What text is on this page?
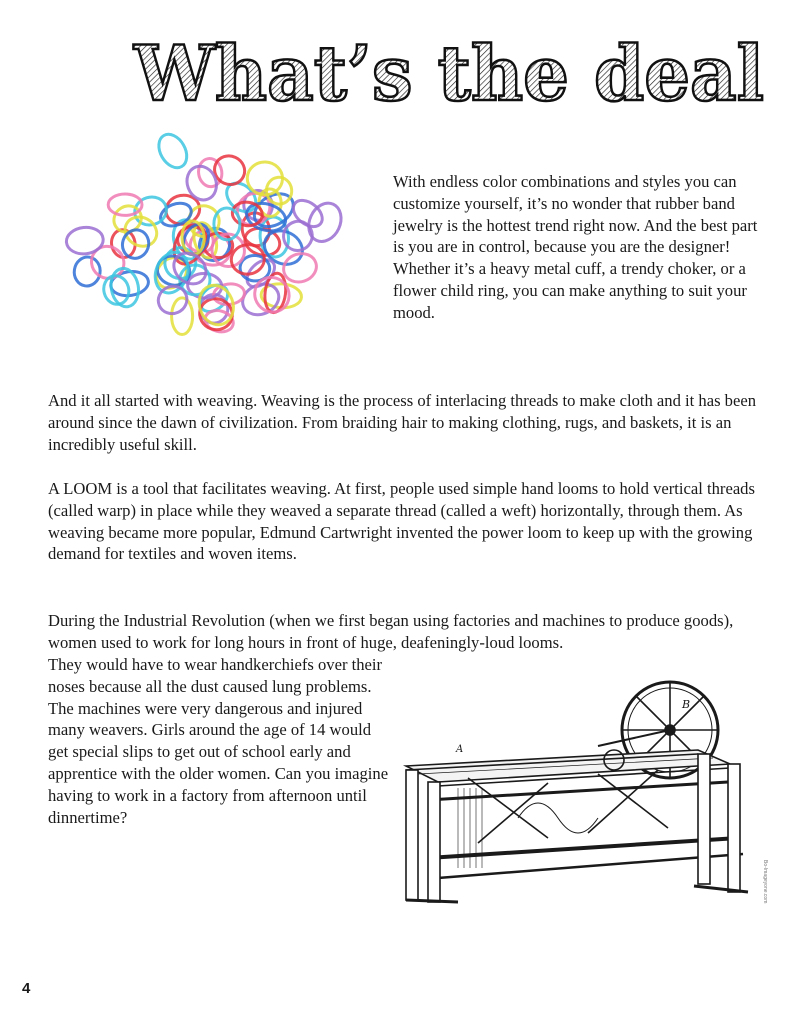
What’s the deal

With endless color combinations and styles you can customize yourself, it’s no wonder that rubber band jewelry is the hottest trend right now. And the best part is you are in control, because you are the designer! Whether it’s a heavy metal cuff, a trendy choker, or a flower child ring, you can make anything to suit your mood.

And it all started with weaving. Weaving is the process of interlacing threads to make cloth and it has been around since the dawn of civilization. From braiding hair to making clothing, rugs, and baskets, it is an incredibly useful skill.

A LOOM is a tool that facilitates weaving. At first, people used simple hand looms to hold vertical threads (called warp) in place while they weaved a separate thread (called a weft) horizontally, through them. As weaving became more popular, Edmund Cartwright invented the power loom to keep up with the growing demand for textiles and woven items.

During the Industrial Revolution (when we first began using factories and machines to produce goods), women used to work for long hours in front of huge, deafeningly-loud looms.

They would have to wear handkerchiefs over their noses because all the dust caused lung problems. The machines were very dangerous and injured many weavers. Girls around the age of 14 would get special slips to get out of school early and apprentice with the older women. Can you imagine having to work in a factory from afternoon until dinnertime?

B
A
Bo-Imageyone.com
4
